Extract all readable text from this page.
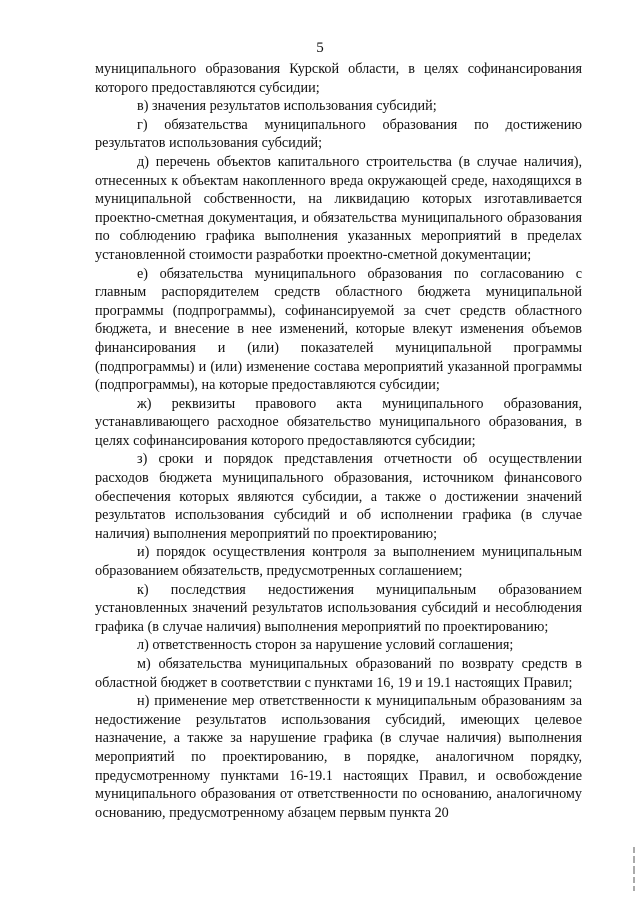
5

муниципального образования Курской области, в целях софинансирования которого предоставляются субсидии;

в) значения результатов использования субсидий;

г) обязательства муниципального образования по достижению результатов использования субсидий;

д) перечень объектов капитального строительства (в случае наличия), отнесенных к объектам накопленного вреда окружающей среде, находящихся в муниципальной собственности, на ликвидацию которых изготавливается проектно-сметная документация, и обязательства муниципального образования по соблюдению графика выполнения указанных мероприятий в пределах установленной стоимости разработки проектно-сметной документации;

е) обязательства муниципального образования по согласованию с главным распорядителем средств областного бюджета муниципальной программы (подпрограммы), софинансируемой за счет средств областного бюджета, и внесение в нее изменений, которые влекут изменения объемов финансирования и (или) показателей муниципальной программы (подпрограммы) и (или) изменение состава мероприятий указанной программы (подпрограммы), на которые предоставляются субсидии;

ж) реквизиты правового акта муниципального образования, устанавливающего расходное обязательство муниципального образования, в целях софинансирования которого предоставляются субсидии;

з) сроки и порядок представления отчетности об осуществлении расходов бюджета муниципального образования, источником финансового обеспечения которых являются субсидии, а также о достижении значений результатов использования субсидий и об исполнении графика (в случае наличия) выполнения мероприятий по проектированию;

и) порядок осуществления контроля за выполнением муниципальным образованием обязательств, предусмотренных соглашением;

к) последствия недостижения муниципальным образованием установленных значений результатов использования субсидий и несоблюдения графика (в случае наличия) выполнения мероприятий по проектированию;

л) ответственность сторон за нарушение условий соглашения;

м) обязательства муниципальных образований по возврату средств в областной бюджет в соответствии с пунктами 16, 19 и 19.1 настоящих Правил;

н) применение мер ответственности к муниципальным образованиям за недостижение результатов использования субсидий, имеющих целевое назначение, а также за нарушение графика (в случае наличия) выполнения мероприятий по проектированию, в порядке, аналогичном порядку, предусмотренному пунктами 16-19.1 настоящих Правил, и освобождение муниципального образования от ответственности по основанию, аналогичному основанию, предусмотренному абзацем первым пункта 20
